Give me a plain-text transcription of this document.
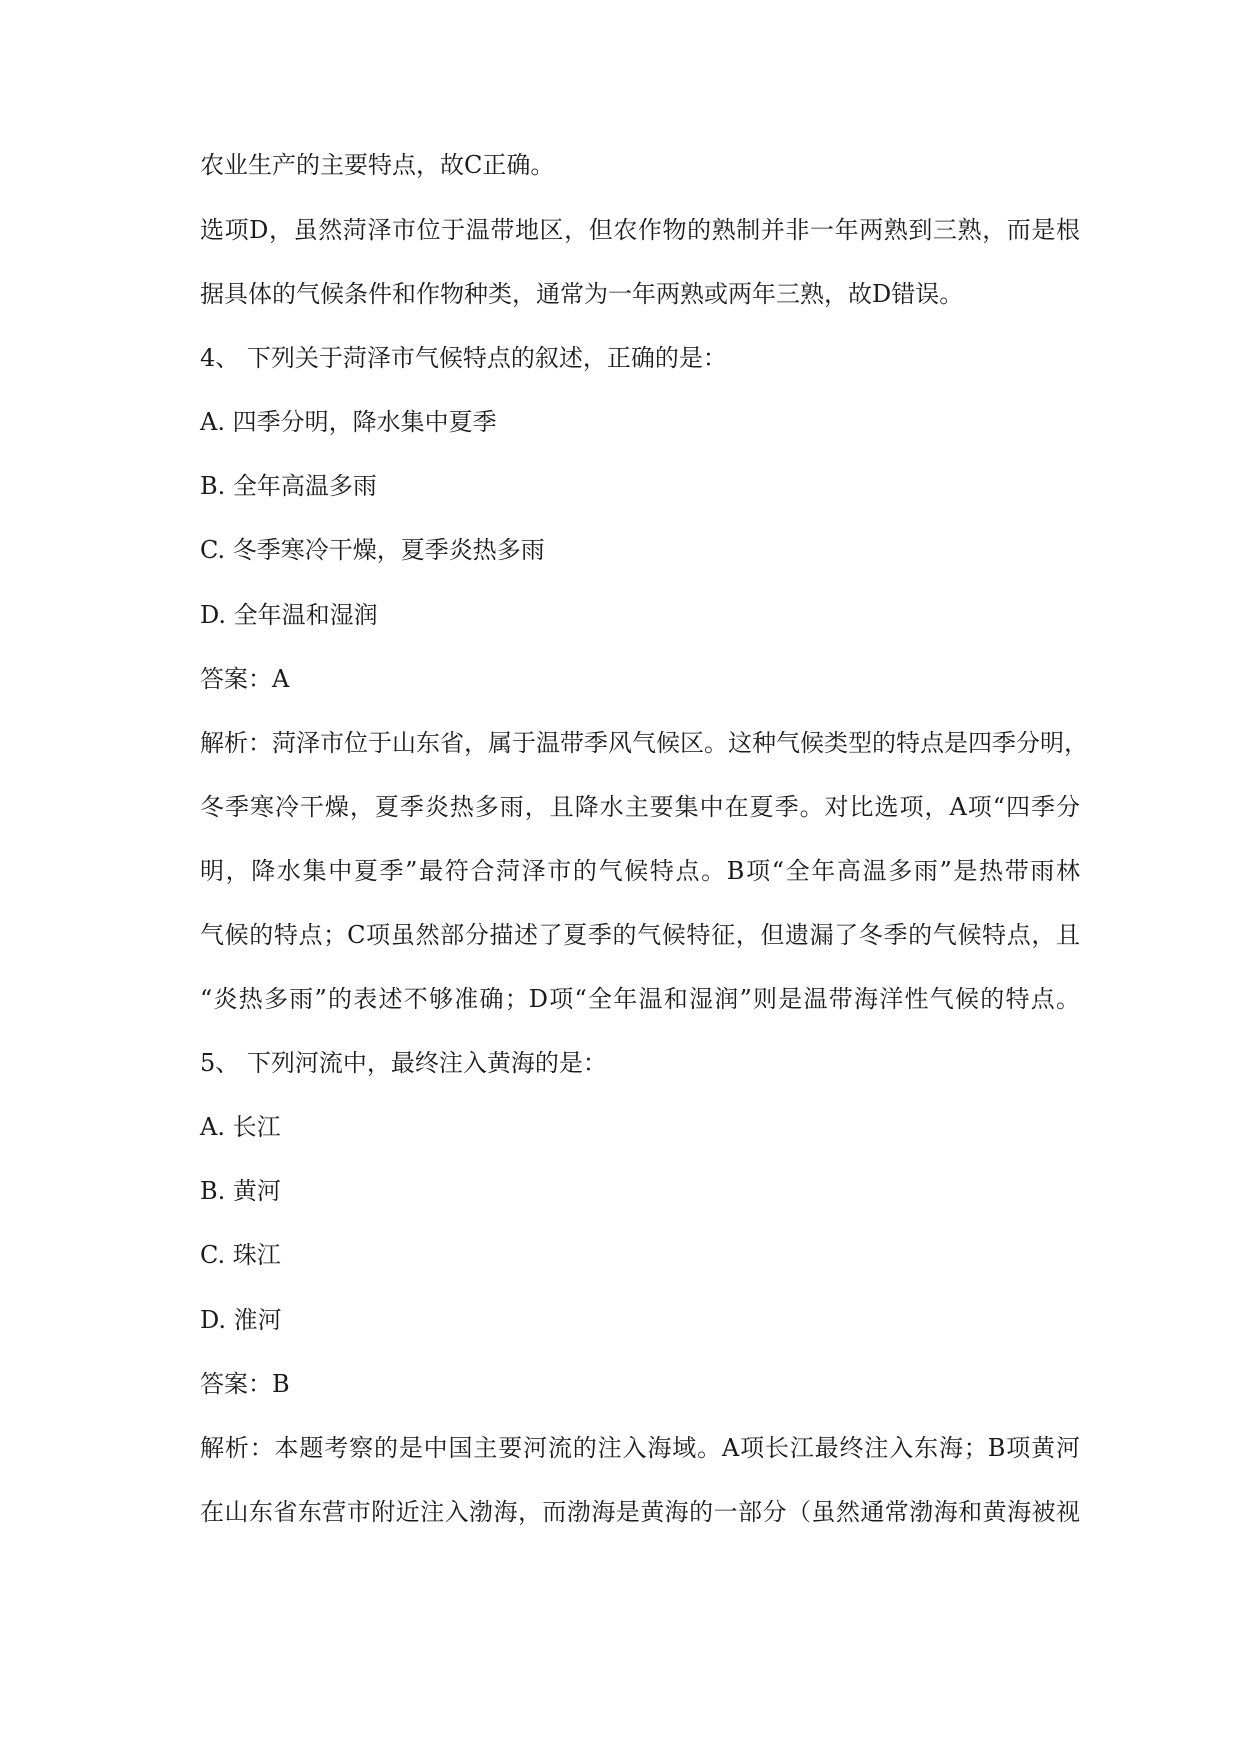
农业生产的主要特点，故C正确。
选项D，虽然菏泽市位于温带地区，但农作物的熟制并非一年两熟到三熟，而是根
据具体的气候条件和作物种类，通常为一年两熟或两年三熟，故D错误。
4、 下列关于菏泽市气候特点的叙述，正确的是：
A. 四季分明，降水集中夏季
B. 全年高温多雨
C. 冬季寒冷干燥，夏季炎热多雨
D. 全年温和湿润
答案：A
解析：菏泽市位于山东省，属于温带季风气候区。这种气候类型的特点是四季分明，
冬季寒冷干燥，夏季炎热多雨，且降水主要集中在夏季。对比选项，A项“四季分
明，降水集中夏季”最符合菏泽市的气候特点。B项“全年高温多雨”是热带雨林
气候的特点；C项虽然部分描述了夏季的气候特征，但遗漏了冬季的气候特点，且
“炎热多雨”的表述不够准确；D项“全年温和湿润”则是温带海洋性气候的特点。
5、 下列河流中，最终注入黄海的是：
A. 长江
B. 黄河
C. 珠江
D. 淮河
答案：B
解析：本题考察的是中国主要河流的注入海域。A项长江最终注入东海；B项黄河
在山东省东营市附近注入渤海，而渤海是黄海的一部分（虽然通常渤海和黄海被视
